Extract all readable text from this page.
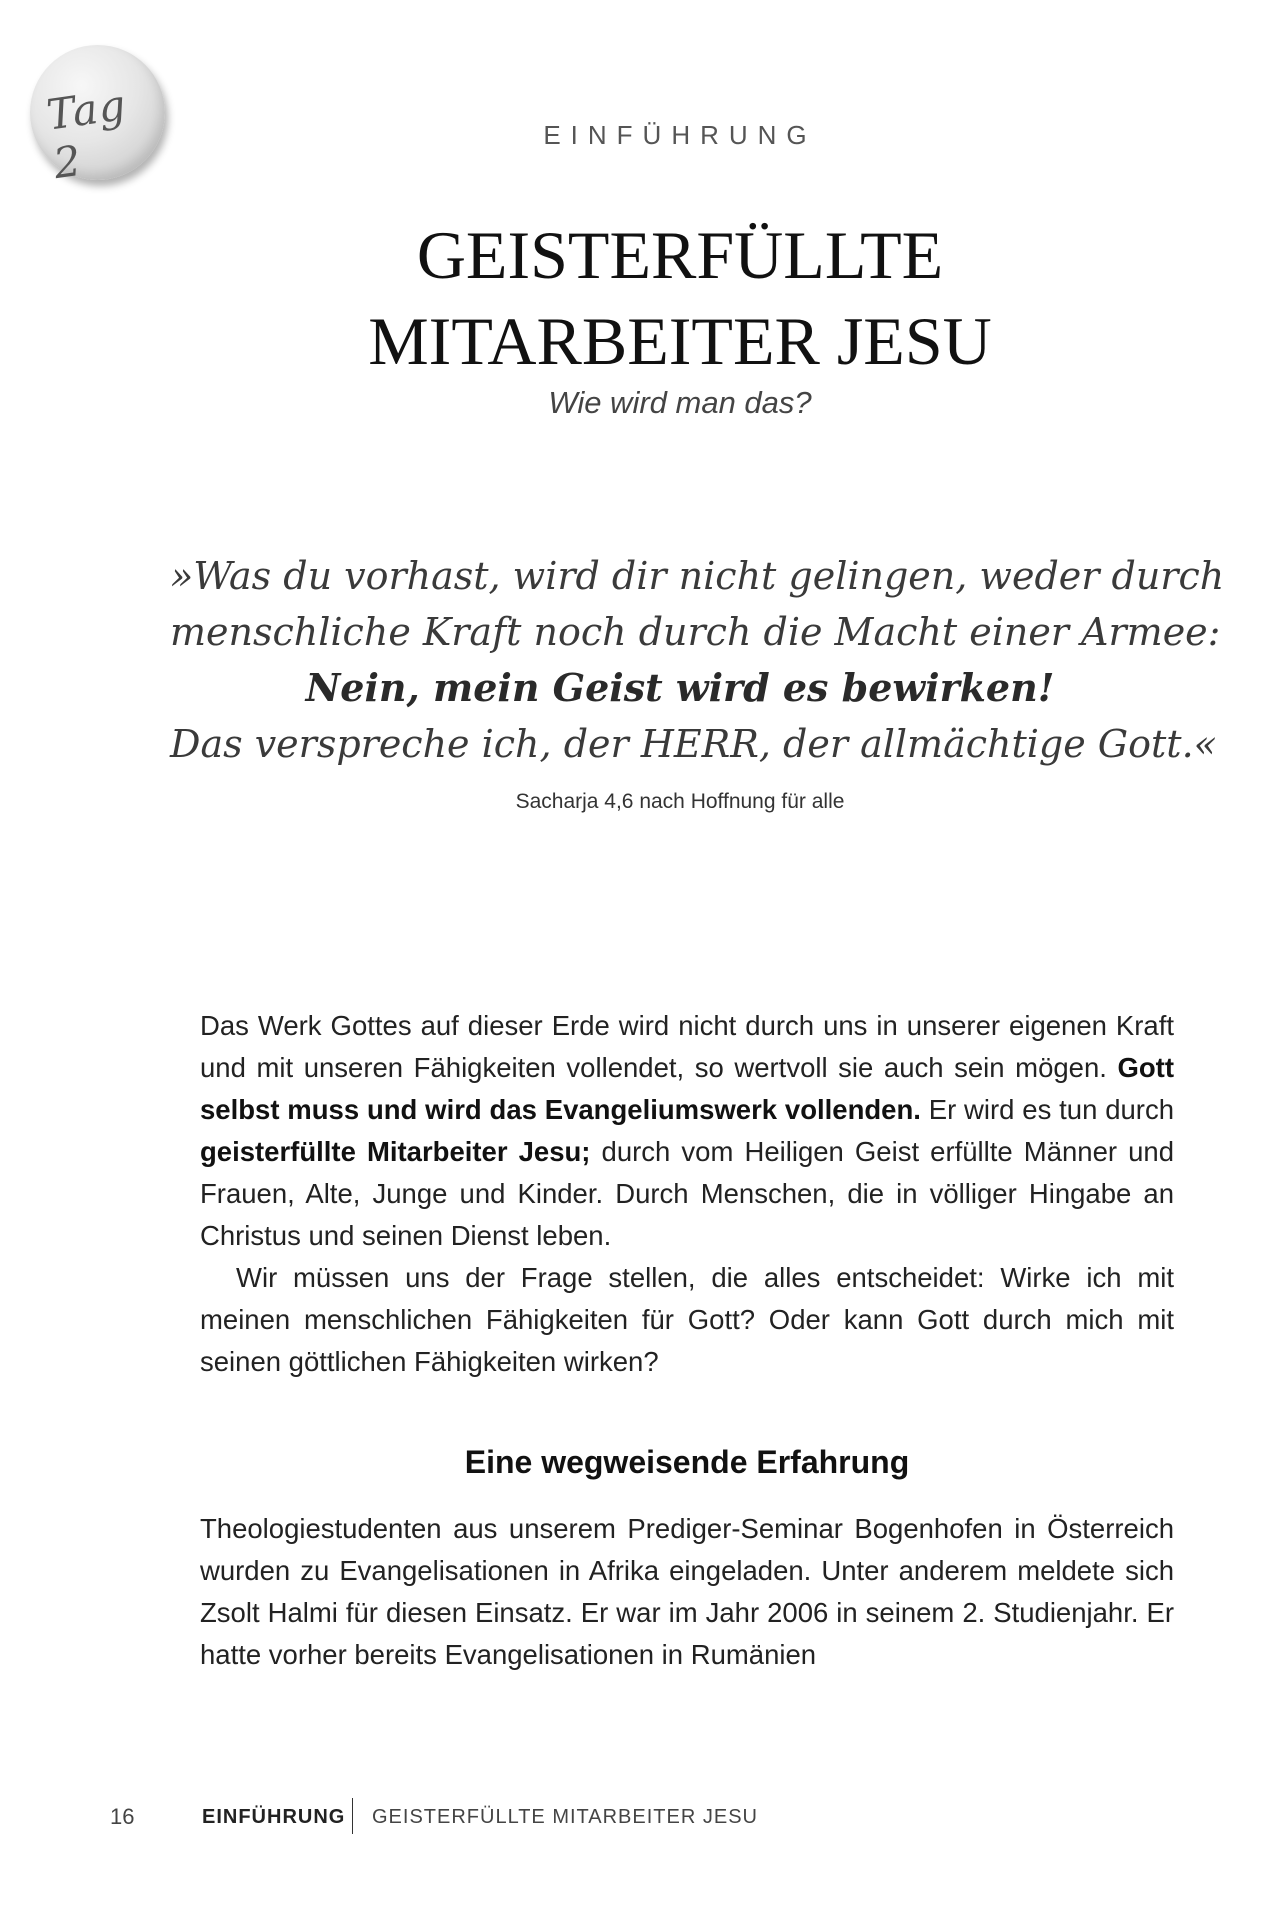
Tag 2
EINFÜHRUNG
GEISTERFÜLLTE
MITARBEITER JESU
Wie wird man das?
»Was du vorhast, wird dir nicht gelingen, weder durch
menschliche Kraft noch durch die Macht einer Armee:
Nein, mein Geist wird es bewirken!
Das verspreche ich, der HERR, der allmächtige Gott.«
Sacharja 4,6 nach Hoffnung für alle

Das Werk Gottes auf dieser Erde wird nicht durch uns in unserer eigenen Kraft und mit unseren Fähigkeiten vollendet, so wertvoll sie auch sein mögen. Gott selbst muss und wird das Evangeliumswerk vollenden. Er wird es tun durch geisterfüllte Mitarbeiter Jesu; durch vom Heiligen Geist erfüllte Männer und Frauen, Alte, Junge und Kinder. Durch Menschen, die in völliger Hingabe an Christus und seinen Dienst leben.

Wir müssen uns der Frage stellen, die alles entscheidet: Wirke ich mit meinen menschlichen Fähigkeiten für Gott? Oder kann Gott durch mich mit seinen göttlichen Fähigkeiten wirken?

Eine wegweisende Erfahrung

Theologiestudenten aus unserem Prediger-Seminar Bogenhofen in Österreich wurden zu Evangelisationen in Afrika eingeladen. Unter anderem meldete sich Zsolt Halmi für diesen Einsatz. Er war im Jahr 2006 in seinem 2. Studienjahr. Er hatte vorher bereits Evangelisationen in Rumänien

16	EINFÜHRUNG GEISTERFÜLLTE MITARBEITER JESU
